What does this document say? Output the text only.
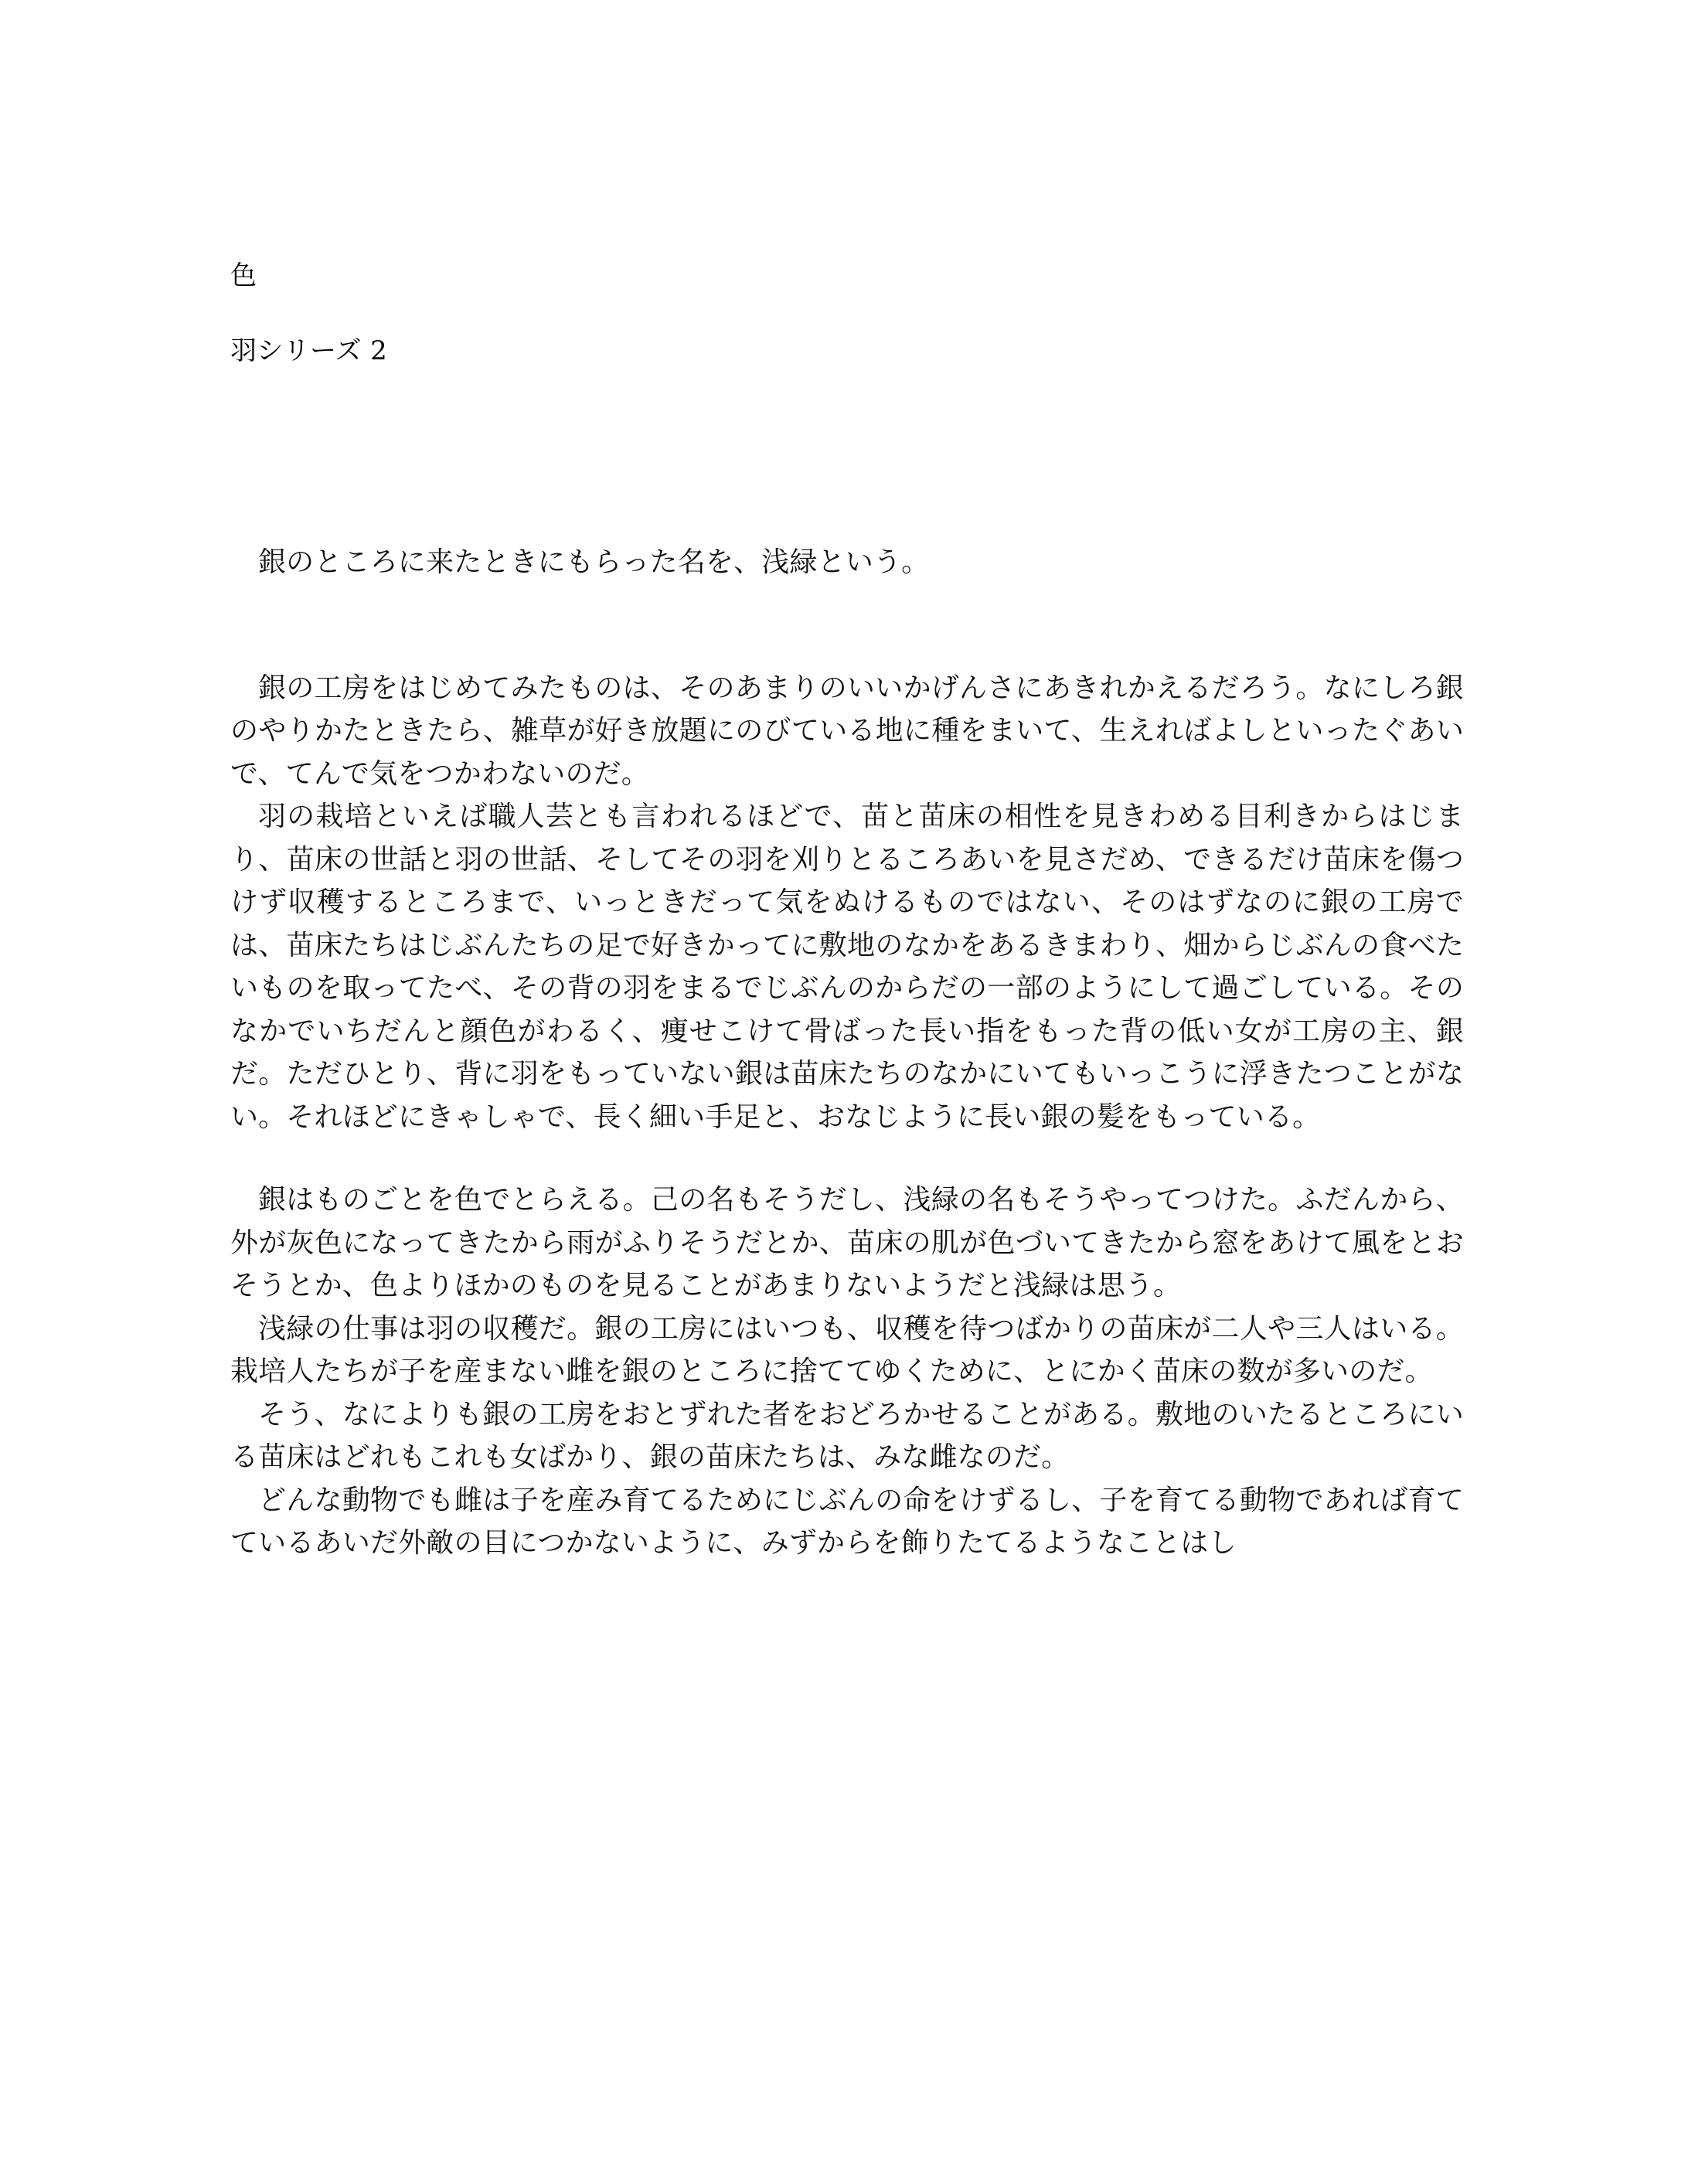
色
羽シリーズ 2

銀のところに来たときにもらった名を、浅緑という。

銀の工房をはじめてみたものは、そのあまりのいいかげんさにあきれかえるだろう。なにしろ銀のやりかたときたら、雑草が好き放題にのびている地に種をまいて、生えればよしといったぐあいで、てんで気をつかわないのだ。

羽の栽培といえば職人芸とも言われるほどで、苗と苗床の相性を見きわめる目利きからはじまり、苗床の世話と羽の世話、そしてその羽を刈りとるころあいを見さだめ、できるだけ苗床を傷つけず収穫するところまで、いっときだって気をぬけるものではない、そのはずなのに銀の工房では、苗床たちはじぶんたちの足で好きかってに敷地のなかをあるきまわり、畑からじぶんの食べたいものを取ってたべ、その背の羽をまるでじぶんのからだの一部のようにして過ごしている。そのなかでいちだんと顔色がわるく、痩せこけて骨ばった長い指をもった背の低い女が工房の主、銀だ。ただひとり、背に羽をもっていない銀は苗床たちのなかにいてもいっこうに浮きたつことがない。それほどにきゃしゃで、長く細い手足と、おなじように長い銀の髪をもっている。

銀はものごとを色でとらえる。己の名もそうだし、浅緑の名もそうやってつけた。ふだんから、外が灰色になってきたから雨がふりそうだとか、苗床の肌が色づいてきたから窓をあけて風をとおそうとか、色よりほかのものを見ることがあまりないようだと浅緑は思う。

浅緑の仕事は羽の収穫だ。銀の工房にはいつも、収穫を待つばかりの苗床が二人や三人はいる。栽培人たちが子を産まない雌を銀のところに捨ててゆくために、とにかく苗床の数が多いのだ。

そう、なによりも銀の工房をおとずれた者をおどろかせることがある。敷地のいたるところにいる苗床はどれもこれも女ばかり、銀の苗床たちは、みな雌なのだ。

どんな動物でも雌は子を産み育てるためにじぶんの命をけずるし、子を育てる動物であれば育てているあいだ外敵の目につかないように、みずからを飾りたてるようなことはし
